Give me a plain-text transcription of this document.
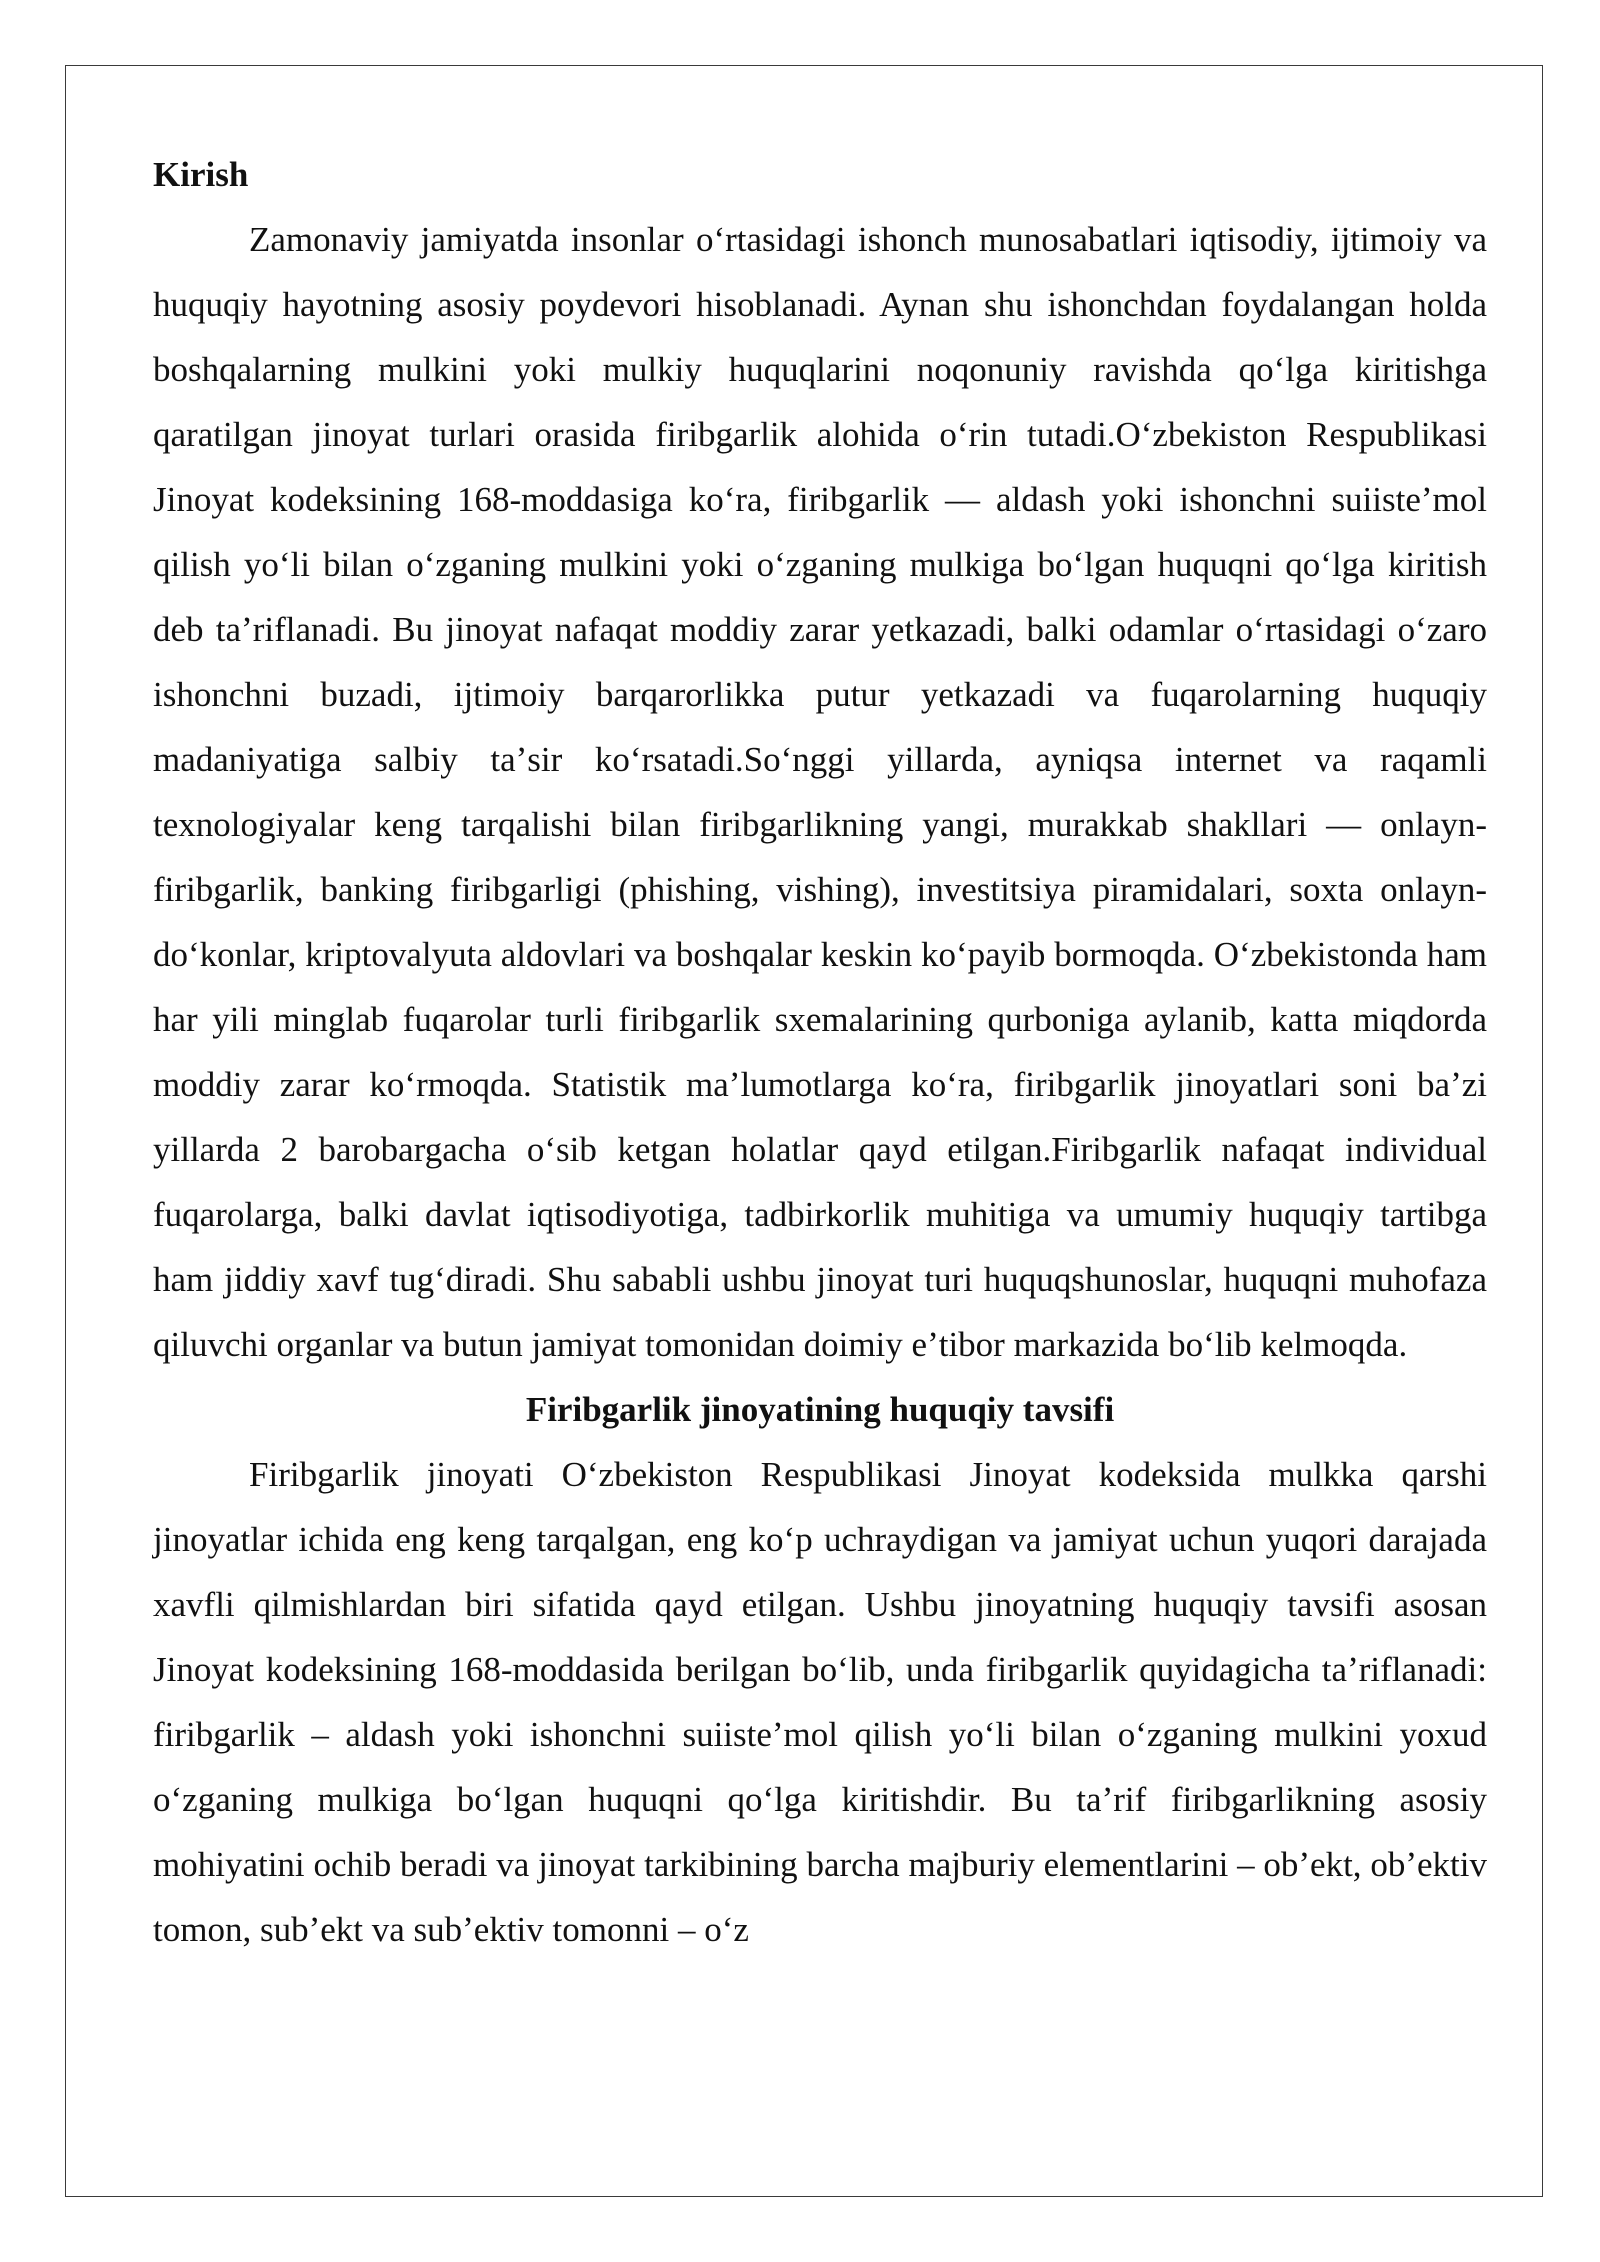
Kirish

Zamonaviy jamiyatda insonlar oʻrtasidagi ishonch munosabatlari iqtisodiy, ijtimoiy va huquqiy hayotning asosiy poydevori hisoblanadi. Aynan shu ishonchdan foydalangan holda boshqalarning mulkini yoki mulkiy huquqlarini noqonuniy ravishda qoʻlga kiritishga qaratilgan jinoyat turlari orasida firibgarlik alohida oʻrin tutadi.Oʻzbekiston Respublikasi Jinoyat kodeksining 168-moddasiga koʻra, firibgarlik — aldash yoki ishonchni suiisteʼmol qilish yoʻli bilan oʻzganing mulkini yoki oʻzganing mulkiga boʻlgan huquqni qoʻlga kiritish deb taʼriflanadi. Bu jinoyat nafaqat moddiy zarar yetkazadi, balki odamlar oʻrtasidagi oʻzaro ishonchni buzadi, ijtimoiy barqarorlikka putur yetkazadi va fuqarolarning huquqiy madaniyatiga salbiy taʼsir koʻrsatadi.Soʻnggi yillarda, ayniqsa internet va raqamli texnologiyalar keng tarqalishi bilan firibgarlikning yangi, murakkab shakllari — onlayn-firibgarlik, banking firibgarligi (phishing, vishing), investitsiya piramidalari, soxta onlayn-doʻkonlar, kriptovalyuta aldovlari va boshqalar keskin koʻpayib bormoqda. Oʻzbekistonda ham har yili minglab fuqarolar turli firibgarlik sxemalarining qurboniga aylanib, katta miqdorda moddiy zarar koʻrmoqda. Statistik maʼlumotlarga koʻra, firibgarlik jinoyatlari soni baʼzi yillarda 2 barobargacha oʻsib ketgan holatlar qayd etilgan.Firibgarlik nafaqat individual fuqarolarga, balki davlat iqtisodiyotiga, tadbirkorlik muhitiga va umumiy huquqiy tartibga ham jiddiy xavf tugʻdiradi. Shu sababli ushbu jinoyat turi huquqshunoslar, huquqni muhofaza qiluvchi organlar va butun jamiyat tomonidan doimiy eʼtibor markazida boʻlib kelmoqda.

Firibgarlik jinoyatining huquqiy tavsifi

Firibgarlik jinoyati Oʻzbekiston Respublikasi Jinoyat kodeksida mulkka qarshi jinoyatlar ichida eng keng tarqalgan, eng koʻp uchraydigan va jamiyat uchun yuqori darajada xavfli qilmishlardan biri sifatida qayd etilgan. Ushbu jinoyatning huquqiy tavsifi asosan Jinoyat kodeksining 168-moddasida berilgan boʻlib, unda firibgarlik quyidagicha taʼriflanadi: firibgarlik – aldash yoki ishonchni suiisteʼmol qilish yoʻli bilan oʻzganing mulkini yoxud oʻzganing mulkiga boʻlgan huquqni qoʻlga kiritishdir. Bu taʼrif firibgarlikning asosiy mohiyatini ochib beradi va jinoyat tarkibining barcha majburiy elementlarini – obʼekt, obʼektiv tomon, subʼekt va subʼektiv tomonni – oʻz
